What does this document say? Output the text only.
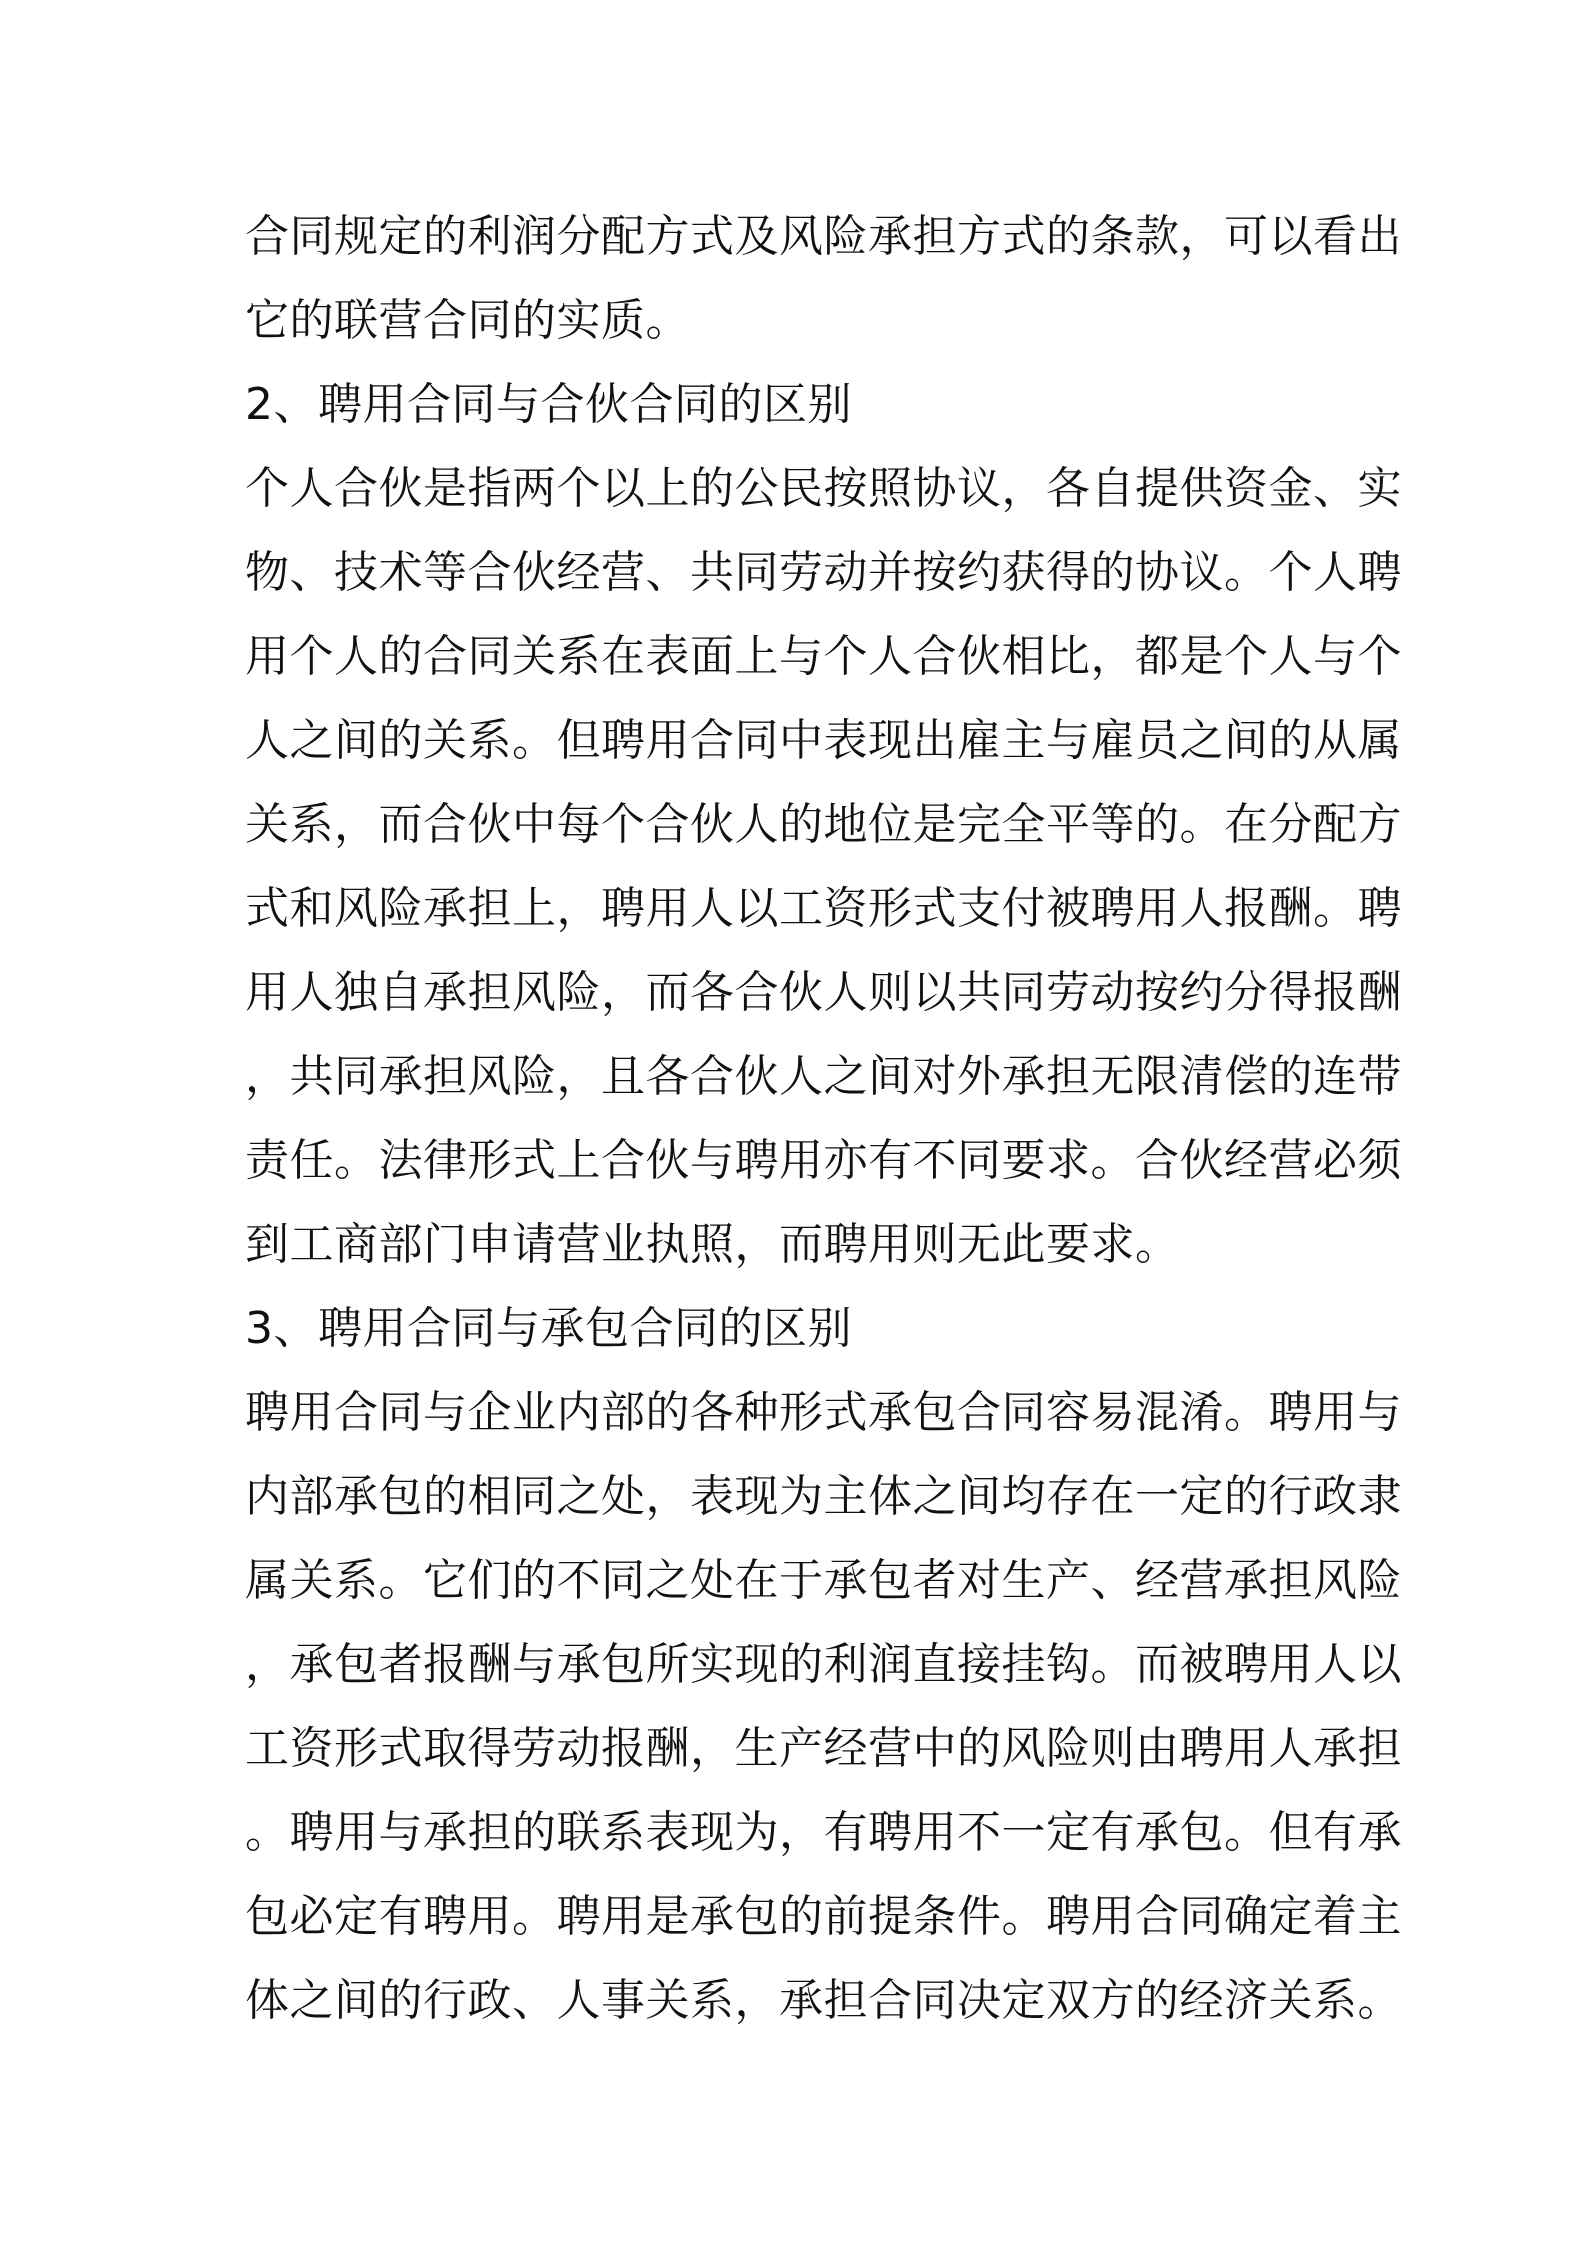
合同规定的利润分配方式及风险承担方式的条款，可以看出
它的联营合同的实质。
2、聘用合同与合伙合同的区别
个人合伙是指两个以上的公民按照协议，各自提供资金、实
物、技术等合伙经营、共同劳动并按约获得的协议。个人聘
用个人的合同关系在表面上与个人合伙相比，都是个人与个
人之间的关系。但聘用合同中表现出雇主与雇员之间的从属
关系，而合伙中每个合伙人的地位是完全平等的。在分配方
式和风险承担上，聘用人以工资形式支付被聘用人报酬。聘
用人独自承担风险，而各合伙人则以共同劳动按约分得报酬
，共同承担风险，且各合伙人之间对外承担无限清偿的连带
责任。法律形式上合伙与聘用亦有不同要求。合伙经营必须
到工商部门申请营业执照，而聘用则无此要求。
3、聘用合同与承包合同的区别
聘用合同与企业内部的各种形式承包合同容易混淆。聘用与
内部承包的相同之处，表现为主体之间均存在一定的行政隶
属关系。它们的不同之处在于承包者对生产、经营承担风险
，承包者报酬与承包所实现的利润直接挂钩。而被聘用人以
工资形式取得劳动报酬，生产经营中的风险则由聘用人承担
。聘用与承担的联系表现为，有聘用不一定有承包。但有承
包必定有聘用。聘用是承包的前提条件。聘用合同确定着主
体之间的行政、人事关系，承担合同决定双方的经济关系。
